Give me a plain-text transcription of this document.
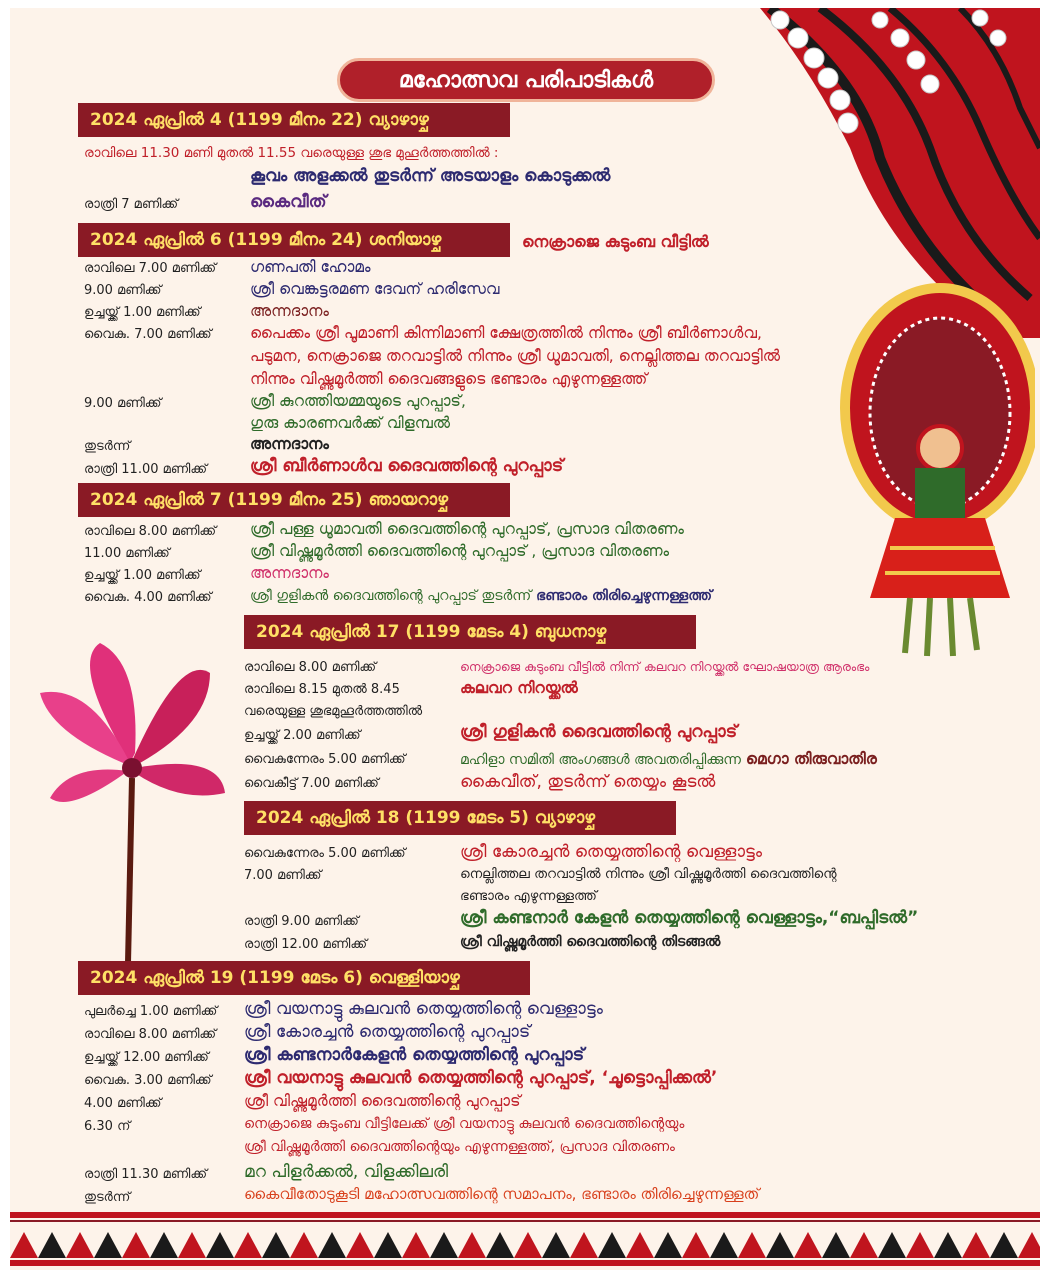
മഹോത്സവ പരിപാടികൾ
2024 ഏപ്രിൽ 4 (1199 മീനം 22) വ്യാഴാഴ്ച
രാവിലെ 11.30 മണി മുതൽ 11.55 വരെയുള്ള ശുഭ മുഹൂർത്തത്തിൽ :
കൂവം അളക്കൽ തുടർന്ന് അടയാളം കൊടുക്കൽ
രാത്രി 7 മണിക്ക്	കൈവീത്
2024 ഏപ്രിൽ 6 (1199 മീനം 24) ശനിയാഴ്ച	നെക്രാജെ കുടുംബ വീട്ടിൽ
രാവിലെ 7.00 മണിക്ക് ഗണപതി ഹോമം
9.00 മണിക്ക്	ശ്രീ വെങ്കട്ടരമണ ദേവന് ഹരിസേവ
ഉച്ചയ്ക്ക് 1.00 മണിക്ക്	അന്നദാനം
വൈകു. 7.00 മണിക്ക് പൈക്കം ശ്രീ പൂമാണി കിന്നിമാണി ക്ഷേത്രത്തിൽ നിന്നും ശ്രീ ബീർണാൾവ,
പടുമന, നെക്രാജെ തറവാട്ടിൽ നിന്നും ശ്രീ ധൂമാവതി, നെല്ലിത്തല തറവാട്ടിൽ
നിന്നും വിഷ്ണുമൂർത്തി ദൈവങ്ങളുടെ ഭണ്ടാരം എഴുന്നള്ളത്ത്
9.00 മണിക്ക്	ശ്രീ കുറത്തിയമ്മയുടെ പുറപ്പാട്,
ഗുരു കാരണവർക്ക് വിളമ്പൽ
തുടർന്ന്	അന്നദാനം
രാത്രി 11.00 മണിക്ക്	ശ്രീ ബീർണാൾവ ദൈവത്തിന്റെ പുറപ്പാട്
2024 ഏപ്രിൽ 7 (1199 മീനം 25) ഞായറാഴ്ച
രാവിലെ 8.00 മണിക്ക് ശ്രീ പള്ള ധൂമാവതി ദൈവത്തിന്റെ പുറപ്പാട്, പ്രസാദ വിതരണം
11.00 മണിക്ക്	ശ്രീ വിഷ്ണുമൂർത്തി ദൈവത്തിന്റെ പുറപ്പാട് , പ്രസാദ വിതരണം
ഉച്ചയ്ക്ക് 1.00 മണിക്ക്	അന്നദാനം
വൈകു. 4.00 മണിക്ക്	ശ്രീ ഗുളികൻ ദൈവത്തിന്റെ പുറപ്പാട് തുടർന്ന് ഭണ്ടാരം തിരിച്ചെഴുന്നള്ളത്ത്
2024 ഏപ്രിൽ 17 (1199 മേടം 4) ബുധനാഴ്ച
രാവിലെ 8.00 മണിക്ക്	നെക്രാജെ കുടുംബ വീട്ടിൽ നിന്ന് കലവറ നിറയ്ക്കൽ ഘോഷയാത്ര ആരംഭം
രാവിലെ 8.15 മുതൽ 8.45	കലവറ നിറയ്ക്കൽ
വരെയുള്ള ശുഭമുഹൂർത്തത്തിൽ
ഉച്ചയ്ക്ക് 2.00 മണിക്ക്	ശ്രീ ഗുളികൻ ദൈവത്തിന്റെ പുറപ്പാട്
വൈകുന്നേരം 5.00 മണിക്ക്	മഹിളാ സമിതി അംഗങ്ങൾ അവതരിപ്പിക്കുന്ന മെഗാ തിരുവാതിര
വൈകീട്ട് 7.00 മണിക്ക്	കൈവീത്, തുടർന്ന് തെയ്യം കൂടൽ
2024 ഏപ്രിൽ 18 (1199 മേടം 5) വ്യാഴാഴ്ച
വൈകുന്നേരം 5.00 മണിക്ക്	ശ്രീ കോരച്ചൻ തെയ്യത്തിന്റെ വെള്ളാട്ടം
7.00 മണിക്ക്	നെല്ലിത്തല തറവാട്ടിൽ നിന്നും ശ്രീ വിഷ്ണുമൂർത്തി ദൈവത്തിന്റെ
ഭണ്ടാരം എഴുന്നള്ളത്ത്
രാത്രി 9.00 മണിക്ക്	ശ്രീ കണ്ടനാർ കേളൻ തെയ്യത്തിന്റെ വെള്ളാട്ടം,“ബപ്പിടൽ”
രാത്രി 12.00 മണിക്ക്	ശ്രീ വിഷ്ണുമൂർത്തി ദൈവത്തിന്റെ തിടങ്ങൽ
2024 ഏപ്രിൽ 19 (1199 മേടം 6) വെള്ളിയാഴ്ച
പുലർച്ചെ 1.00 മണിക്ക് ശ്രീ വയനാട്ടു കുലവൻ തെയ്യത്തിന്റെ വെള്ളാട്ടം
രാവിലെ 8.00 മണിക്ക് ശ്രീ കോരച്ചൻ തെയ്യത്തിന്റെ പുറപ്പാട്
ഉച്ചയ്ക്ക് 12.00 മണിക്ക് ശ്രീ കണ്ടനാർകേളൻ തെയ്യത്തിന്റെ പുറപ്പാട്
വൈകു. 3.00 മണിക്ക് ശ്രീ വയനാട്ടു കുലവൻ തെയ്യത്തിന്റെ പുറപ്പാട്, ‘ചൂട്ടൊപ്പിക്കൽ’
4.00 മണിക്ക്	ശ്രീ വിഷ്ണുമൂർത്തി ദൈവത്തിന്റെ പുറപ്പാട്
6.30 ന്	നെക്രാജെ കുടുംബ വീട്ടിലേക്ക് ശ്രീ വയനാട്ടു കുലവൻ ദൈവത്തിന്റെയും
ശ്രീ വിഷ്ണുമൂർത്തി ദൈവത്തിന്റെയും എഴുന്നള്ളത്ത്, പ്രസാദ വിതരണം
രാത്രി 11.30 മണിക്ക് മറ പിളർക്കൽ, വിളക്കിലരി
തുടർന്ന്	കൈവീതോടുകൂടി മഹോത്സവത്തിന്റെ സമാപനം, ഭണ്ടാരം തിരിച്ചെഴുന്നള്ളത്
